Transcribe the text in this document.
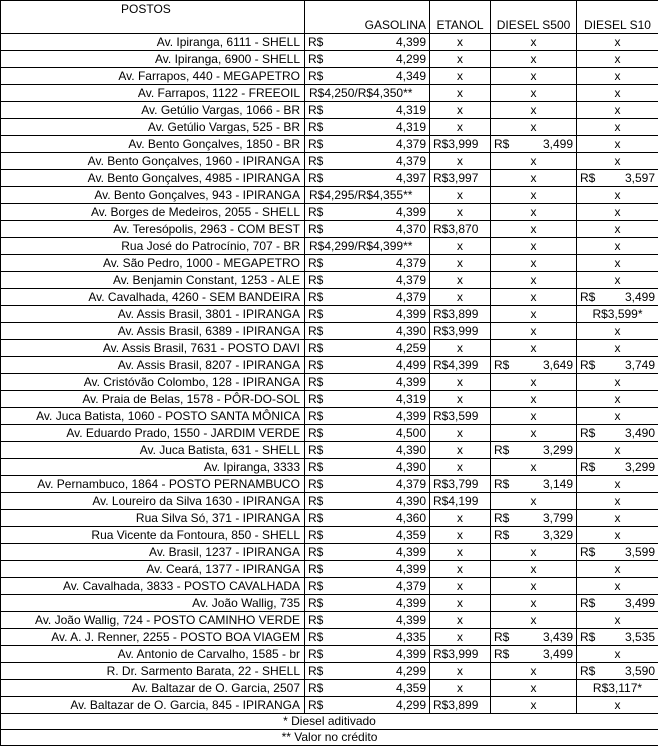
POSTOS				
	GASOLINA	ETANOL	DIESEL S500	DIESEL S10
Av. Ipiranga, 6111 - SHELL	R$ 4,399	x	x	x
Av. Ipiranga, 6900 - SHELL	R$ 4,299	x	x	x
Av. Farrapos, 440 - MEGAPETRO	R$ 4,349	x	x	x
Av. Farrapos, 1122 - FREEOIL	R$4,250/R$4,350**	x	x	x
Av. Getúlio Vargas, 1066 - BR	R$ 4,319	x	x	x
Av. Getúlio Vargas, 525 - BR	R$ 4,319	x	x	x
Av. Bento Gonçalves, 1850 - BR	R$ 4,379	R$3,999	R$ 3,499	x
Av. Bento Gonçalves, 1960 - IPIRANGA	R$ 4,379	x	x	x
Av. Bento Gonçalves, 4985 - IPIRANGA	R$ 4,397	R$3,997	x	R$ 3,597

Av. Bento Gonçalves, 943 - IPIRANGA	R$4,295/R$4,355**	x	x	x
Av. Borges de Medeiros, 2055 - SHELL	R$ 4,399	x	x	x
Av. Teresópolis, 2963 - COM BEST	R$ 4,370	R$3,870	x	x
Rua José do Patrocínio, 707 - BR	R$4,299/R$4,399**	x	x	x
Av. São Pedro, 1000 - MEGAPETRO	R$ 4,379	x	x	x
Av. Benjamin Constant, 1253 - ALE	R$ 4,379	x	x	x
Av. Cavalhada, 4260 - SEM BANDEIRA	R$ 4,379	x	x	R$ 3,499

Av. Assis Brasil, 3801 - IPIRANGA	R$ 4,399	R$3,899	x	R$3,599*
Av. Assis Brasil, 6389 - IPIRANGA	R$ 4,390	R$3,999	x	x
Av. Assis Brasil, 7631 - POSTO DAVI	R$ 4,259	x	x	x
Av. Assis Brasil, 8207 - IPIRANGA	R$ 4,499	R$4,399	R$ 3,649	R$ 3,749

Av. Cristóvão Colombo, 128 - IPIRANGA	R$ 4,399	x	x	x
Av. Praia de Belas, 1578 - PÔR-DO-SOL	R$ 4,319	x	x	x
Av. Juca Batista, 1060 - POSTO SANTA MÔNICA	R$ 4,399	R$3,599	x	x
Av. Eduardo Prado, 1550 - JARDIM VERDE	R$ 4,500	x	x	R$ 3,490

Av. Juca Batista, 631 - SHELL	R$ 4,390	x	R$ 3,299	x
Av. Ipiranga, 3333	R$ 4,390	x	x	R$ 3,299

Av. Pernambuco, 1864 - POSTO PERNAMBUCO	R$ 4,379	R$3,799	R$ 3,149	x
Av. Loureiro da Silva 1630 - IPIRANGA	R$ 4,390	R$4,199	x	x
Rua Silva Só, 371 - IPIRANGA	R$ 4,360	x	R$ 3,799	x
Rua Vicente da Fontoura, 850 - SHELL	R$ 4,359	x	R$ 3,329	x
Av. Brasil, 1237 - IPIRANGA	R$ 4,399	x	x	R$ 3,599

Av. Ceará, 1377 - IPIRANGA	R$ 4,399	x	x	x
Av. Cavalhada, 3833 - POSTO CAVALHADA	R$ 4,379	x	x	x
Av. João Wallig, 735	R$ 4,399	x	x	R$ 3,499

Av. João Wallig, 724 - POSTO CAMINHO VERDE	R$ 4,399	x	x	x
Av. A. J. Renner, 2255 - POSTO BOA VIAGEM	R$ 4,335	x	R$ 3,439	R$ 3,535

Av. Antonio de Carvalho, 1585 - br	R$ 4,399	R$3,999	R$ 3,499	x
R. Dr. Sarmento Barata, 22 - SHELL	R$ 4,299	x	x	R$ 3,590

Av. Baltazar de O. Garcia, 2507	R$ 4,359	x	x	R$3,117*
Av. Baltazar de O. Garcia, 845 - IPIRANGA	R$ 4,299	R$3,899	x	x
* Diesel aditivado				
** Valor no crédito				
